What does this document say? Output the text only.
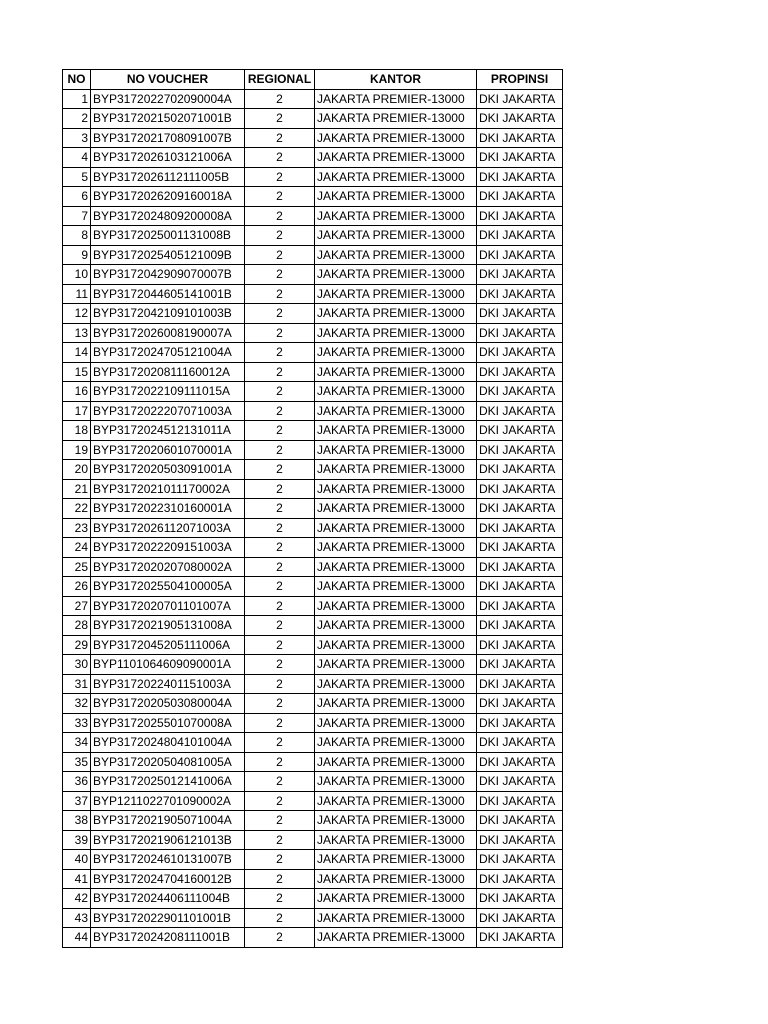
NO	NO VOUCHER	REGIONAL	KANTOR	PROPINSI
1	BYP3172022702090004A	2	JAKARTA PREMIER-13000	DKI JAKARTA
2	BYP3172021502071001B	2	JAKARTA PREMIER-13000	DKI JAKARTA
3	BYP3172021708091007B	2	JAKARTA PREMIER-13000	DKI JAKARTA
4	BYP3172026103121006A	2	JAKARTA PREMIER-13000	DKI JAKARTA
5	BYP3172026112111005B	2	JAKARTA PREMIER-13000	DKI JAKARTA
6	BYP3172026209160018A	2	JAKARTA PREMIER-13000	DKI JAKARTA
7	BYP3172024809200008A	2	JAKARTA PREMIER-13000	DKI JAKARTA
8	BYP3172025001131008B	2	JAKARTA PREMIER-13000	DKI JAKARTA
9	BYP3172025405121009B	2	JAKARTA PREMIER-13000	DKI JAKARTA
10	BYP3172042909070007B	2	JAKARTA PREMIER-13000	DKI JAKARTA
11	BYP3172044605141001B	2	JAKARTA PREMIER-13000	DKI JAKARTA
12	BYP3172042109101003B	2	JAKARTA PREMIER-13000	DKI JAKARTA
13	BYP3172026008190007A	2	JAKARTA PREMIER-13000	DKI JAKARTA
14	BYP3172024705121004A	2	JAKARTA PREMIER-13000	DKI JAKARTA
15	BYP3172020811160012A	2	JAKARTA PREMIER-13000	DKI JAKARTA
16	BYP3172022109111015A	2	JAKARTA PREMIER-13000	DKI JAKARTA
17	BYP3172022207071003A	2	JAKARTA PREMIER-13000	DKI JAKARTA
18	BYP3172024512131011A	2	JAKARTA PREMIER-13000	DKI JAKARTA
19	BYP3172020601070001A	2	JAKARTA PREMIER-13000	DKI JAKARTA
20	BYP3172020503091001A	2	JAKARTA PREMIER-13000	DKI JAKARTA
21	BYP3172021011170002A	2	JAKARTA PREMIER-13000	DKI JAKARTA
22	BYP3172022310160001A	2	JAKARTA PREMIER-13000	DKI JAKARTA
23	BYP3172026112071003A	2	JAKARTA PREMIER-13000	DKI JAKARTA
24	BYP3172022209151003A	2	JAKARTA PREMIER-13000	DKI JAKARTA
25	BYP3172020207080002A	2	JAKARTA PREMIER-13000	DKI JAKARTA
26	BYP3172025504100005A	2	JAKARTA PREMIER-13000	DKI JAKARTA
27	BYP3172020701101007A	2	JAKARTA PREMIER-13000	DKI JAKARTA
28	BYP3172021905131008A	2	JAKARTA PREMIER-13000	DKI JAKARTA
29	BYP3172045205111006A	2	JAKARTA PREMIER-13000	DKI JAKARTA
30	BYP1101064609090001A	2	JAKARTA PREMIER-13000	DKI JAKARTA
31	BYP3172022401151003A	2	JAKARTA PREMIER-13000	DKI JAKARTA
32	BYP3172020503080004A	2	JAKARTA PREMIER-13000	DKI JAKARTA
33	BYP3172025501070008A	2	JAKARTA PREMIER-13000	DKI JAKARTA
34	BYP3172024804101004A	2	JAKARTA PREMIER-13000	DKI JAKARTA
35	BYP3172020504081005A	2	JAKARTA PREMIER-13000	DKI JAKARTA
36	BYP3172025012141006A	2	JAKARTA PREMIER-13000	DKI JAKARTA
37	BYP1211022701090002A	2	JAKARTA PREMIER-13000	DKI JAKARTA
38	BYP3172021905071004A	2	JAKARTA PREMIER-13000	DKI JAKARTA
39	BYP3172021906121013B	2	JAKARTA PREMIER-13000	DKI JAKARTA
40	BYP3172024610131007B	2	JAKARTA PREMIER-13000	DKI JAKARTA
41	BYP3172024704160012B	2	JAKARTA PREMIER-13000	DKI JAKARTA
42	BYP3172024406111004B	2	JAKARTA PREMIER-13000	DKI JAKARTA
43	BYP3172022901101001B	2	JAKARTA PREMIER-13000	DKI JAKARTA
44	BYP3172024208111001B	2	JAKARTA PREMIER-13000	DKI JAKARTA
